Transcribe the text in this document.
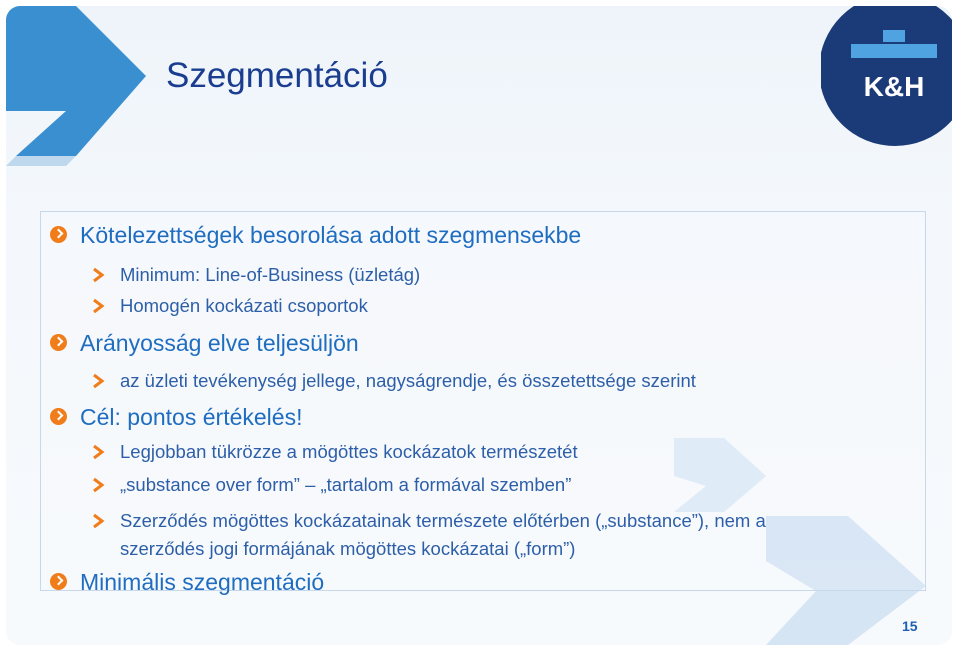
Szegmentáció	K&H
Kötelezettségek besorolása adott szegmensekbe
Minimum: Line-of-Business (üzletág)
Homogén kockázati csoportok
Arányosság elve teljesüljön
az üzleti tevékenység jellege, nagyságrendje, és összetettsége szerint
Cél: pontos értékelés!
Legjobban tükrözze a mögöttes kockázatok természetét
„substance over form” – „tartalom a formával szemben”
Szerződés mögöttes kockázatainak természete előtérben („substance”), nem a
szerződés jogi formájának mögöttes kockázatai („form”)
Minimális szegmentáció
15
